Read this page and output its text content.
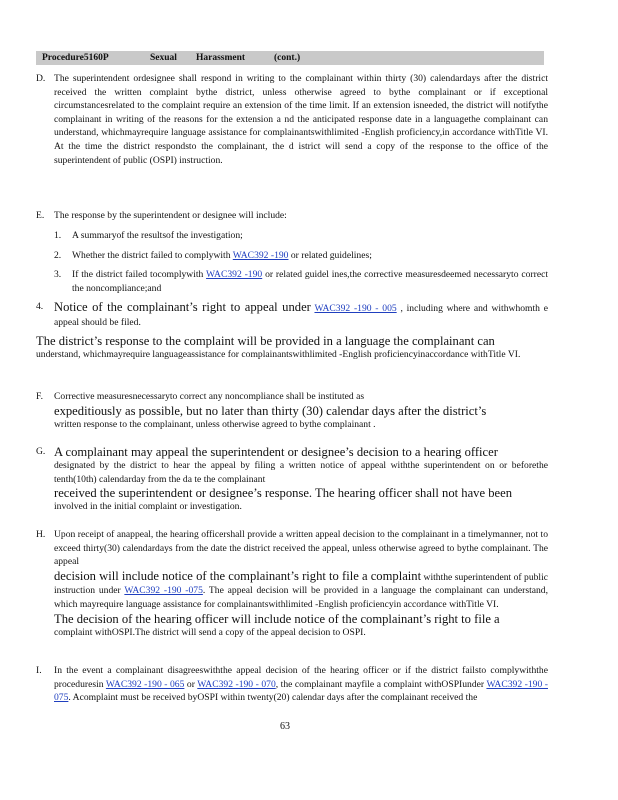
Procedure5160P	Sexual Harassment	(cont.)
D. The superintendent ordesignee shall respond in writing to the complainant within thirty (30) calendardays after the district received the written complaint bythe district, unless otherwise agreed to bythe complainant or if exceptional circumstancesrelated to the complaint require an extension of the time limit. If an extension isneeded, the district will notifythe complainant in writing of the reasons for the extension a nd the anticipated response date in a languagethe complainant can understand, whichmayrequire language assistance for complainantswithlimited -English proficiency,in accordance withTitle VI. At the time the district respondsto the complainant, the d istrict will send a copy of the response to the office of the superintendent of public (OSPI) instruction.
E.	The response by the superintendent or designee will include:
1. A summaryof the resultsof the investigation;
2. Whether the district failed to complywith WAC392 -190 or related guidelines;
3. If the district failed tocomplywith WAC392 -190 or related guidel ines,the corrective measuresdeemed necessaryto correct the noncompliance;and
4. Notice of the complainant’s right to appeal under WAC392 -190 - 005 , including where and withwhomth e appeal should be filed.
The district’s response to the complaint will be provided in a language the complainant can
understand, whichmayrequire languageassistance for complainantswithlimited -English proficiencyinaccordance withTitle VI.
F.	Corrective measuresnecessaryto correct any noncompliance shall be instituted as
expeditiously as possible, but no later than thirty (30) calendar days after the district’s
written response to the complainant, unless otherwise agreed to bythe complainant .
G. A complainant may appeal the superintendent or designee’s decision to a hearing officer
designated by the district to hear the appeal by filing a written notice of appeal withthe superintendent on or beforethe tenth(10th) calendarday from the da te the complainant
received the superintendent or designee’s response. The hearing officer shall not have been
involved in the initial complaint or investigation.
H. Upon receipt of anappeal, the hearing officershall provide a written appeal decision to the complainant in a timelymanner, not to exceed thirty(30) calendardays from the date the district received the appeal, unless otherwise agreed to bythe complainant. The appeal
decision will include notice of the complainant’s right to file a complaint withthe superintendent of public instruction under WAC392 -190 -075. The appeal decision will be provided in a language the complainant can understand, which mayrequire language assistance for complainantswithlimited -English proficiencyin accordance withTitle VI.
The decision of the hearing officer will include notice of the complainant’s right to file a
complaint withOSPI.The district will send a copy of the appeal decision to OSPI.
I.	In the event a complainant disagreeswiththe appeal decision of the hearing officer or if the district failsto complywiththe proceduresin WAC392 -190 - 065 or WAC392 -190 - 070, the complainant mayfile a complaint withOSPIunder WAC392 -190 - 075. Acomplaint must be received byOSPI within twenty(20) calendar days after the complainant received the
63
